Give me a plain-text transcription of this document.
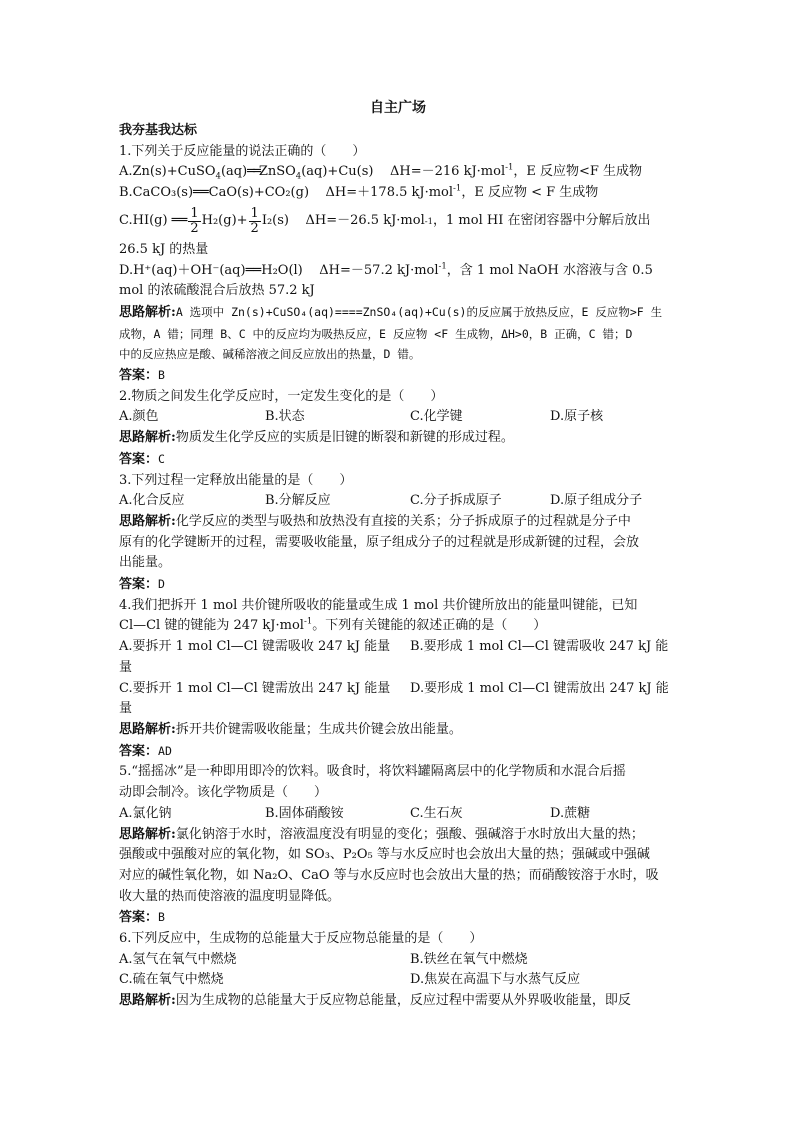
自主广场
我夯基我达标

1.下列关于反应能量的说法正确的（　　）

A.Zn(s)+CuSO$_4$(aq)══ZnSO$_4$(aq)+Cu(s) ΔH=－216 kJ·mol$^{-1}$，E 反应物<F 生成物

B.CaCO₃(s)══CaO(s)+CO₂(g) ΔH=＋178.5 kJ·mol$^{-1}$，E 反应物 < F 生成物

C.HI(g) ══ $\frac{1}{2} H_2(g)+ \frac{1}{2} I_2(s)$
ΔH=－26.5 kJ·mol -1 ，1 mol HI 在密闭容器中分解后放出

26.5 kJ 的热量

D.H⁺(aq)＋OH⁻(aq)══H₂O(l) ΔH=－57.2 kJ·mol$^{-1}$，含 1 mol NaOH 水溶液与含 0.5

mol 的浓硫酸混合后放热 57.2 kJ

思路解析:A 选项中 Zn(s)+CuSO₄(aq)====ZnSO₄(aq)+Cu(s)的反应属于放热反应，E 反应物>F 生

成物，A 错；同理 B、C 中的反应均为吸热反应，E 反应物 <F 生成物，ΔH>0，B 正确，C 错；D

中的反应热应是酸、碱稀溶液之间反应放出的热量，D 错。

答案：B

2.物质之间发生化学反应时，一定发生变化的是（　　）

A.颜色	B.状态	C.化学键	D.原子核

思路解析:物质发生化学反应的实质是旧键的断裂和新键的形成过程。

答案：C

3.下列过程一定释放出能量的是（　　）

A.化合反应	B.分解反应	C.分子拆成原子	D.原子组成分子

思路解析:化学反应的类型与吸热和放热没有直接的关系；分子拆成原子的过程就是分子中

原有的化学键断开的过程，需要吸收能量，原子组成分子的过程就是形成新键的过程，会放

出能量。

答案：D

4.我们把拆开 1 mol 共价键所吸收的能量或生成 1 mol 共价键所放出的能量叫键能，已知

Cl—Cl 键的键能为 247 kJ·mol$^{-1}$。下列有关键能的叙述正确的是（　　）

A.要拆开 1 mol Cl—Cl 键需吸收 247 kJ 能量	B.要形成 1 mol Cl—Cl 键需吸收 247 kJ 能

量

C.要拆开 1 mol Cl—Cl 键需放出 247 kJ 能量	D.要形成 1 mol Cl—Cl 键需放出 247 kJ 能

量

思路解析:拆开共价键需吸收能量；生成共价键会放出能量。

答案：AD

5.“摇摇冰”是一种即用即冷的饮料。吸食时，将饮料罐隔离层中的化学物质和水混合后摇

动即会制冷。该化学物质是（　　）

A.氯化钠	B.固体硝酸铵	C.生石灰	D.蔗糖

思路解析:氯化钠溶于水时，溶液温度没有明显的变化；强酸、强碱溶于水时放出大量的热；

强酸或中强酸对应的氧化物，如 SO₃、P₂O₅ 等与水反应时也会放出大量的热；强碱或中强碱

对应的碱性氧化物，如 Na₂O、CaO 等与水反应时也会放出大量的热；而硝酸铵溶于水时，吸

收大量的热而使溶液的温度明显降低。

答案：B

6.下列反应中，生成物的总能量大于反应物总能量的是（　　）

A.氢气在氧气中燃烧	B.铁丝在氧气中燃烧
C.硫在氧气中燃烧	D.焦炭在高温下与水蒸气反应

思路解析:因为生成物的总能量大于反应物总能量，反应过程中需要从外界吸收能量，即反
